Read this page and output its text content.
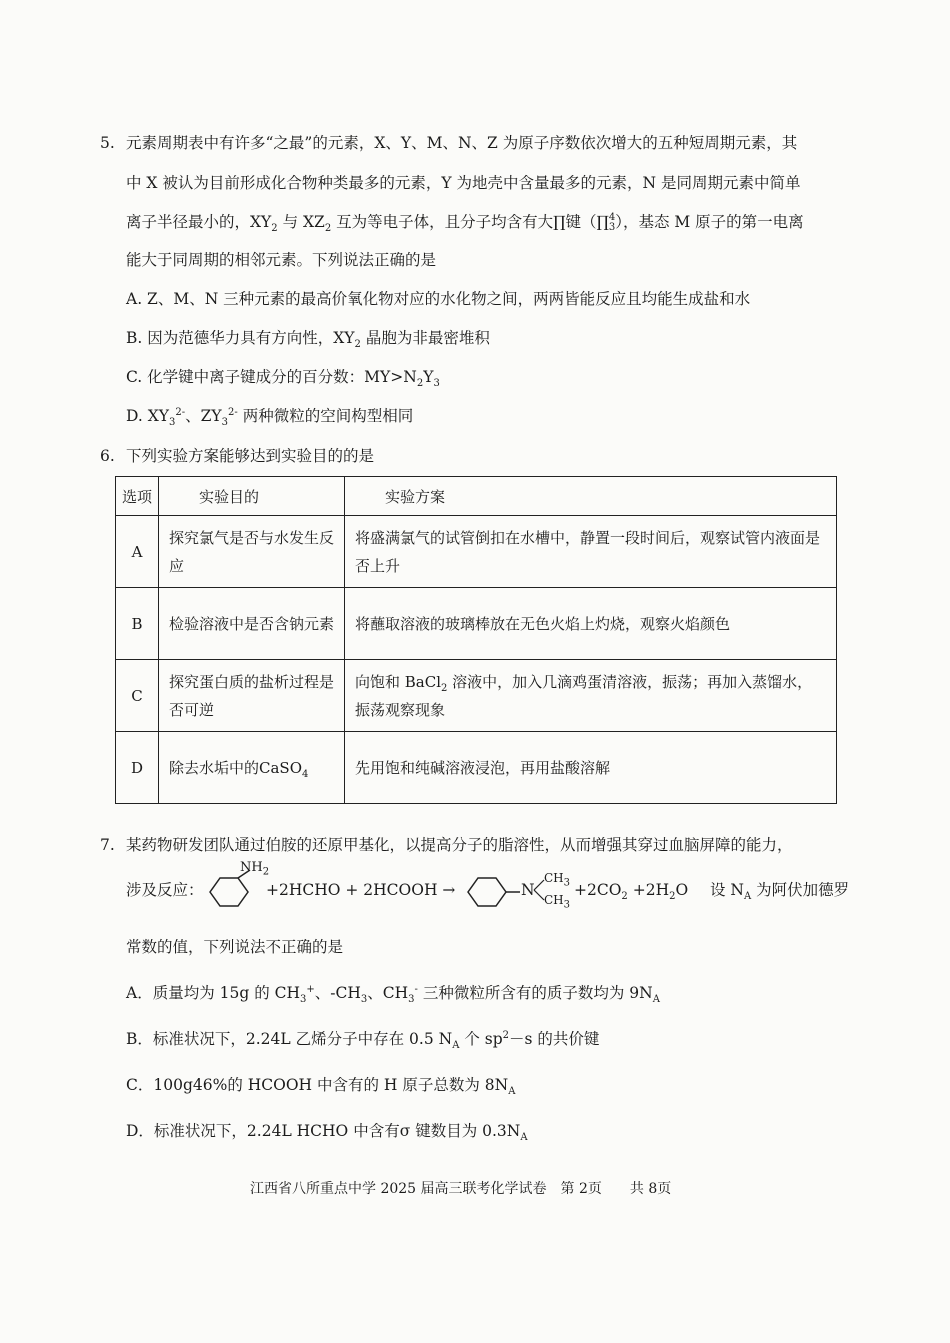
5. 元素周期表中有许多“之最”的元素，X、Y、M、N、Z 为原子序数依次增大的五种短周期元素，其
中 X 被认为目前形成化合物种类最多的元素，Y 为地壳中含量最多的元素，N 是同周期元素中简单
离子半径最小的，$XY_2$ 与 $XZ_2$ 互为等电子体，且分子均含有大∏键（∏ 4
3 ），基态 M 原子的第一电离
能大于同周期的相邻元素。下列说法正确的是
A. Z、M、N 三种元素的最高价氧化物对应的水化物之间，两两皆能反应且均能生成盐和水
B. 因为范德华力具有方向性，$XY_2$ 晶胞为非最密堆积
C. 化学键中离子键成分的百分数：$MY>N_2Y_3$
D. $XY_3^{2-}$、$ZY_3^{2-}$ 两种微粒的空间构型相同
6. 下列实验方案能够达到实验目的的是
选项	实验目的	实验方案
A	探究氯气是否与水发生反应	将盛满氯气的试管倒扣在水槽中，静置一段时间后，观察试管内液面是否上升
B	检验溶液中是否含钠元素	将蘸取溶液的玻璃棒放在无色火焰上灼烧，观察火焰颜色
C	探究蛋白质的盐析过程是否可逆	向饱和 BaCl$_2$ 溶液中，加入几滴鸡蛋清溶液，振荡；再加入蒸馏水，振荡观察现象
D	除去水垢中的CaSO$_4$	先用饱和纯碱溶液浸泡，再用盐酸溶解
7. 某药物研发团队通过伯胺的还原甲基化，以提高分子的脂溶性，从而增强其穿过血脑屏障的能力，
涉及反应：
$NH_2$
+2HCHO + 2HCOOH →	N
$CH_3$
$CH_3$
$+2CO_2 +2H_2O$ 设 $N_A$ 为阿伏加德罗
常数的值，下列说法不正确的是
A．质量均为 15g 的 $CH_3^+$、$-CH_3$、$CH_3^-$ 三种微粒所含有的质子数均为 $9N_A$
B．标准状况下，2.24L 乙烯分子中存在 0.5 $N_A$ 个 $sp^2-s$ 的共价键
C．100g46%的 HCOOH 中含有的 H 原子总数为 $8N_A$
D．标准状况下，2.24L HCHO 中含有σ 键数目为 $0.3N_A$
江西省八所重点中学 2025 届高三联考化学试卷　第 2页　　共 8页
